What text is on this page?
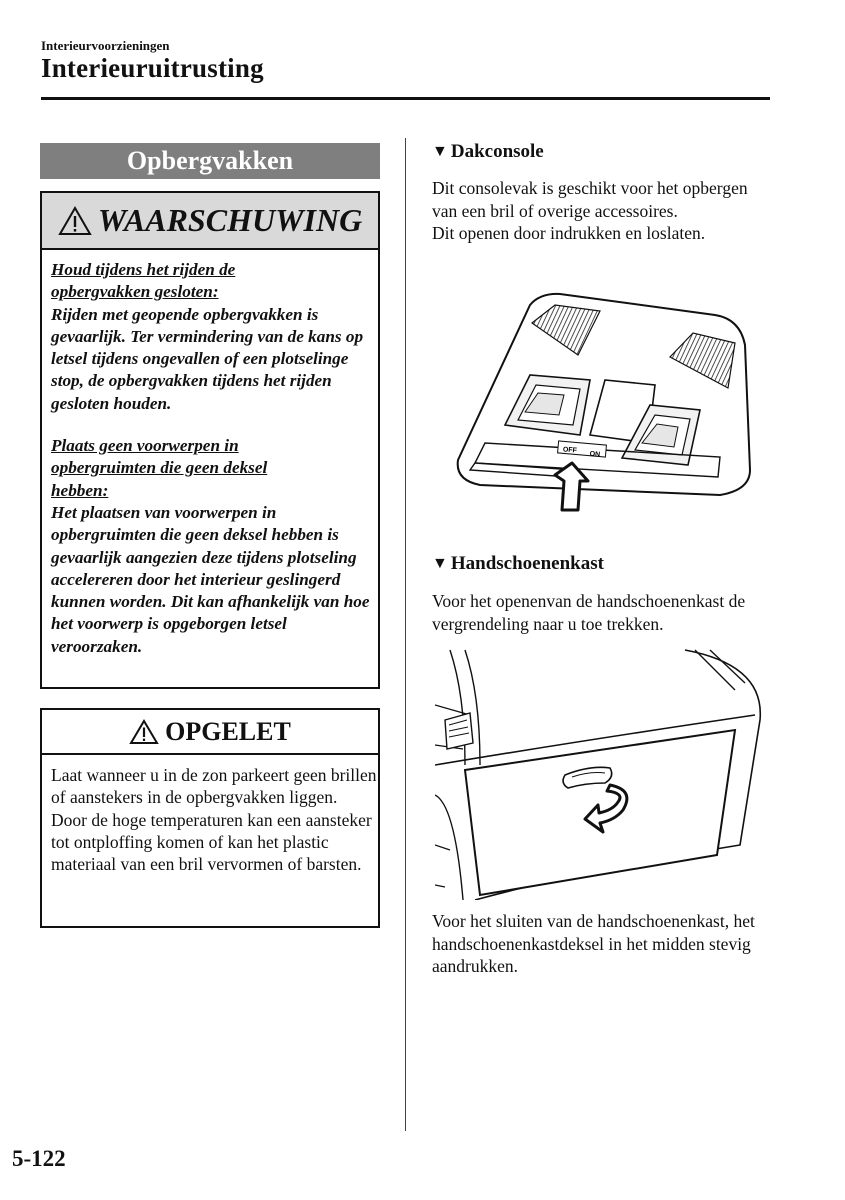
Interieurvoorzieningen
Interieuruitrusting
Opbergvakken
WAARSCHUWING

Houd tijdens het rijden de

opbergvakken gesloten:

Rijden met geopende opbergvakken is gevaarlijk. Ter vermindering van de kans op letsel tijdens ongevallen of een plotselinge stop, de opbergvakken tijdens het rijden gesloten houden.

Plaats geen voorwerpen in

opbergruimten die geen deksel

hebben:

Het plaatsen van voorwerpen in opbergruimten die geen deksel hebben is gevaarlijk aangezien deze tijdens plotseling accelereren door het interieur geslingerd kunnen worden. Dit kan afhankelijk van hoe het voorwerp is opgeborgen letsel veroorzaken.

OPGELET
Laat wanneer u in de zon parkeert geen brillen of aanstekers in de opbergvakken liggen. Door de hoge temperaturen kan een aansteker tot ontploffing komen of kan het plastic materiaal van een bril vervormen of barsten.
▼ Dakconsole

Dit consolevak is geschikt voor het opbergen van een bril of overige accessoires.

Dit openen door indrukken en loslaten.

OFF
ON
▼ Handschoenenkast
Voor het openenvan de handschoenenkast de vergrendeling naar u toe trekken.
Voor het sluiten van de handschoenenkast, het handschoenenkastdeksel in het midden stevig aandrukken.
5-122
